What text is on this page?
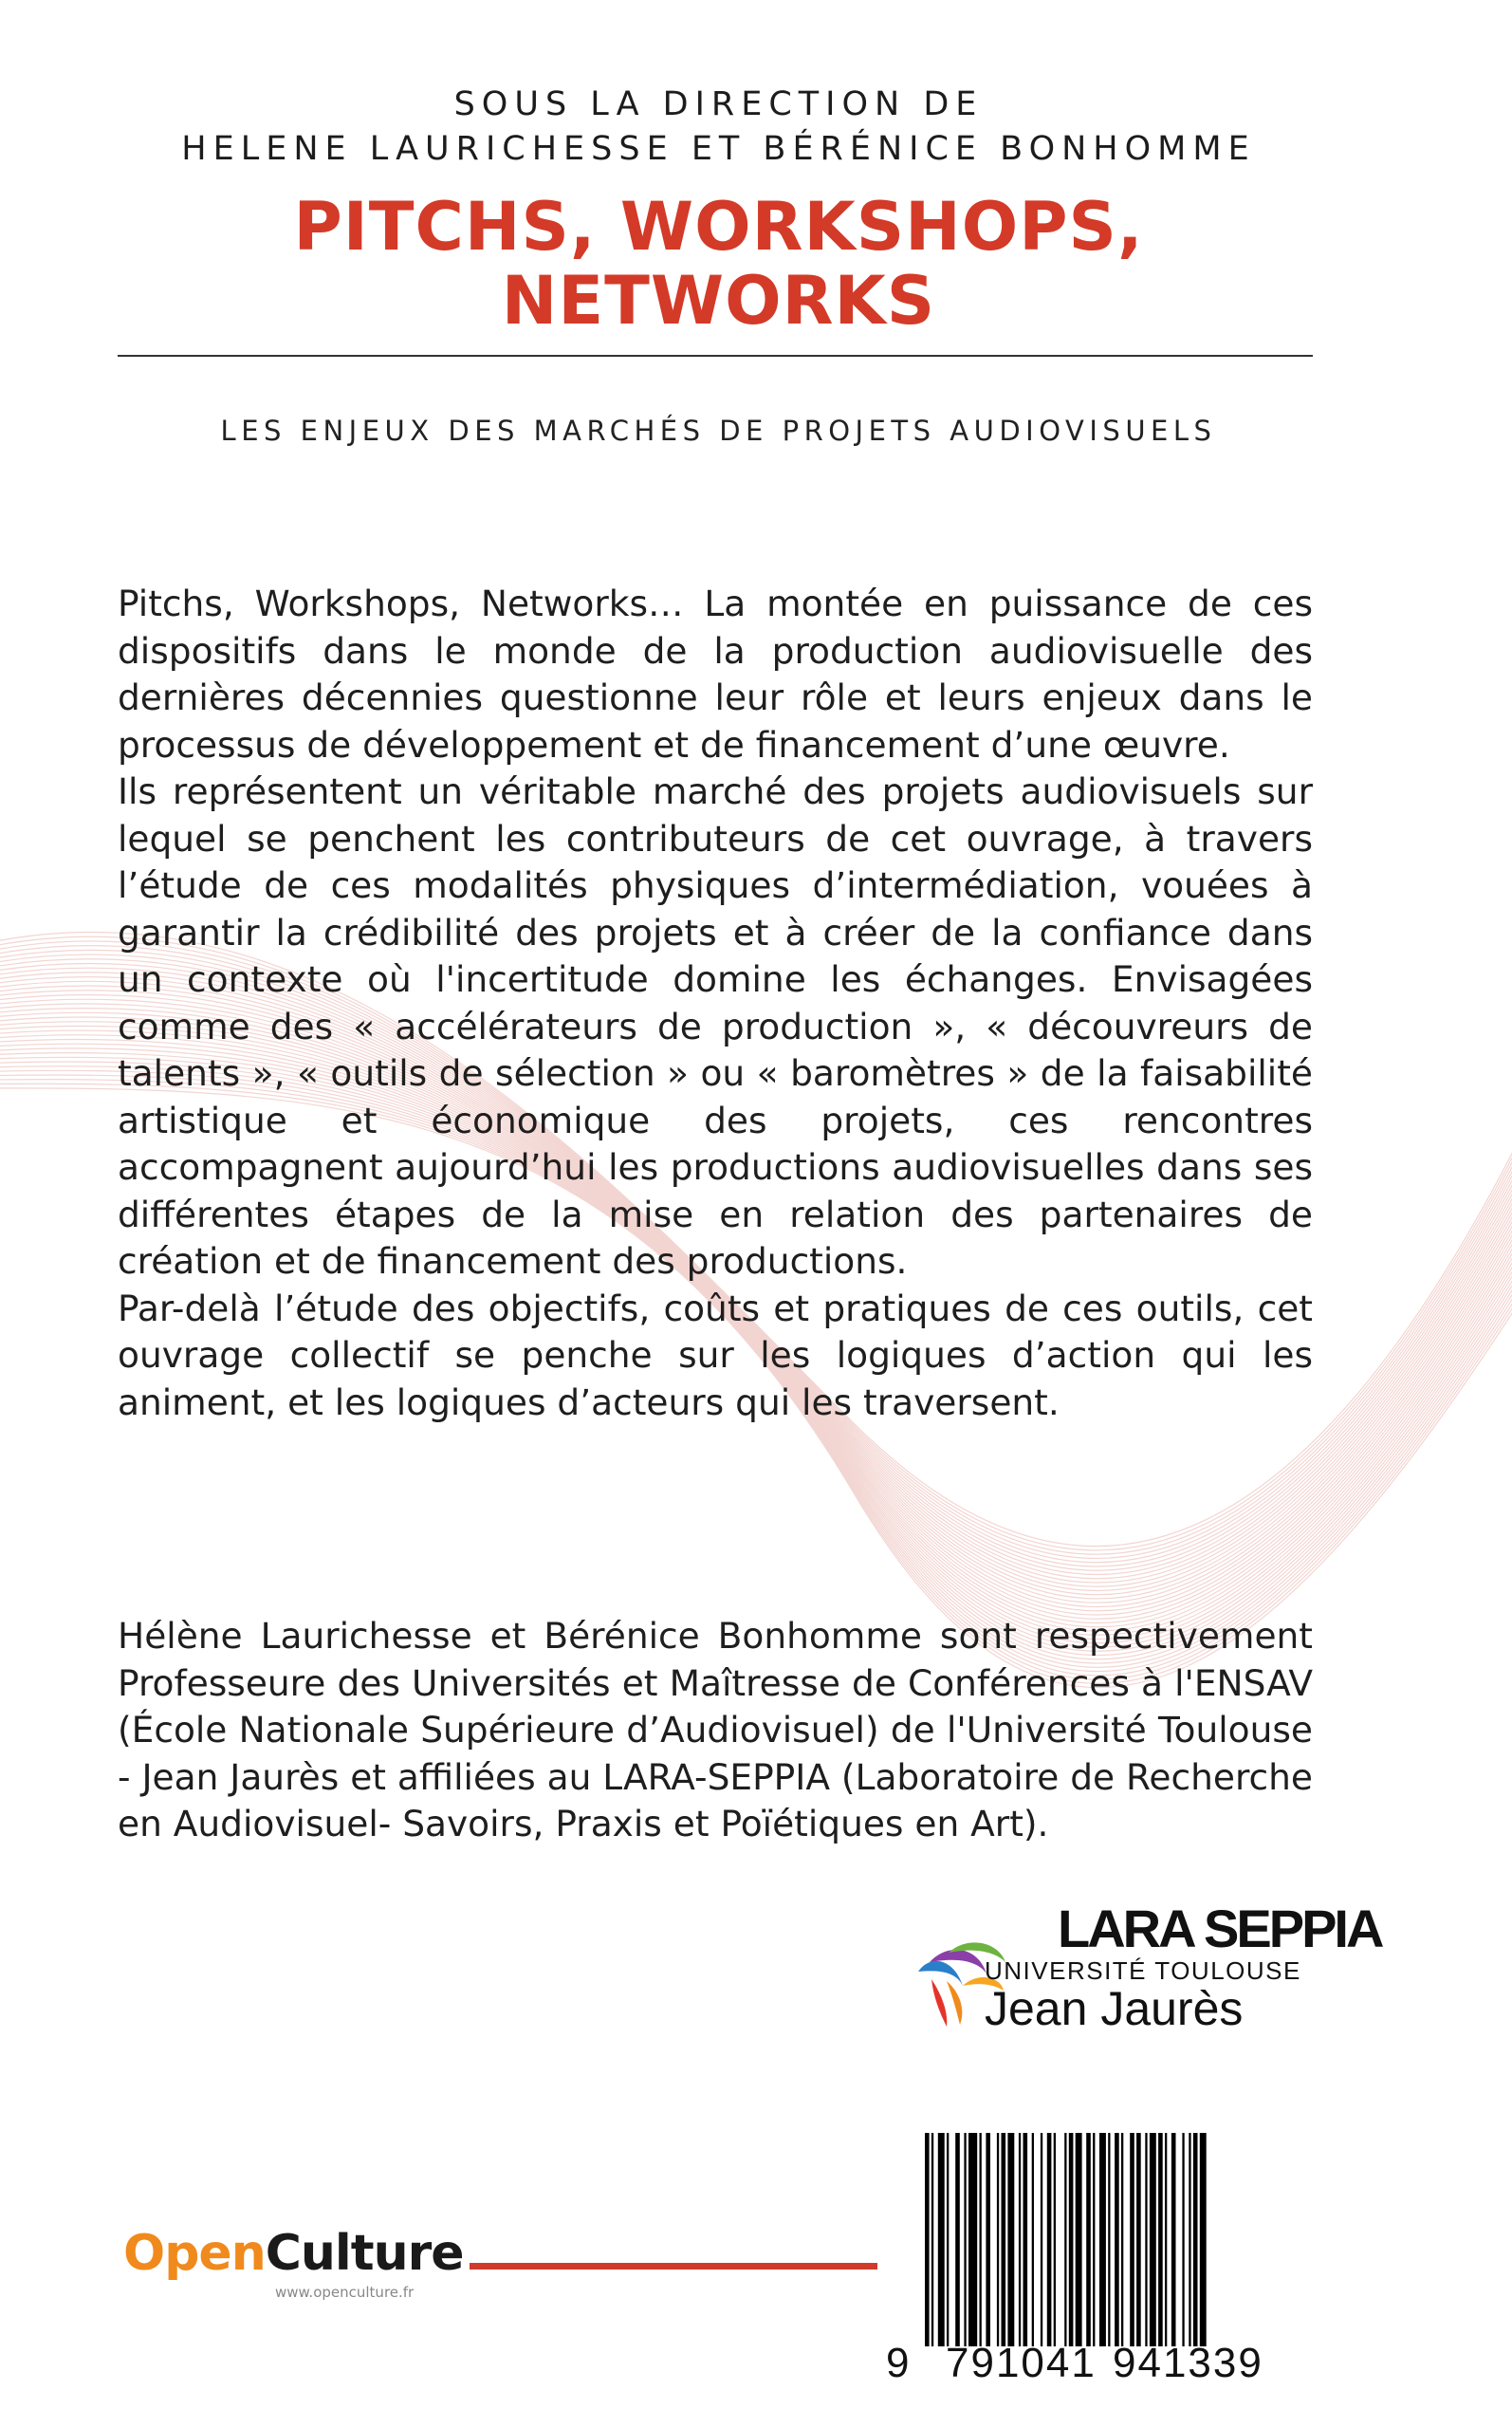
SOUS LA DIRECTION DE
HELENE LAURICHESSE ET BÉRÉNICE BONHOMME
PITCHS, WORKSHOPS,
NETWORKS
LES ENJEUX DES MARCHÉS DE PROJETS AUDIOVISUELS

Pitchs, Workshops, Networks… La montée en puissance de ces dispositifs dans le monde de la production audiovisuelle des dernières décennies questionne leur rôle et leurs enjeux dans le processus de développement et de financement d’une œuvre.

Ils représentent un véritable marché des projets audiovisuels sur lequel se penchent les contributeurs de cet ouvrage, à travers l’étude de ces modalités physiques d’intermédiation, vouées à garantir la crédibilité des projets et à créer de la confiance dans un contexte où l'incertitude domine les échanges. Envisagées comme des « accélérateurs de production », « découvreurs de talents », « outils de sélection » ou « baromètres » de la faisabilité artistique et économique des projets, ces rencontres accompagnent aujourd’hui les productions audiovisuelles dans ses différentes étapes de la mise en relation des partenaires de création et de financement des productions.

Par-delà l’étude des objectifs, coûts et pratiques de ces outils, cet ouvrage collectif se penche sur les logiques d’action qui les animent, et les logiques d’acteurs qui les traversent.

Hélène Laurichesse et Bérénice Bonhomme sont respectivement Professeure des Universités et Maîtresse de Conférences à l'ENSAV (École Nationale Supérieure d’Audiovisuel) de l'Université Toulouse - Jean Jaurès et affiliées au LARA-SEPPIA (Laboratoire de Recherche en Audiovisuel- Savoirs, Praxis et Poïétiques en Art).
LARA SEPPIA
UNIVERSITÉ TOULOUSE
Jean Jaurès
9 791041 941339
OpenCulture
www.openculture.fr
